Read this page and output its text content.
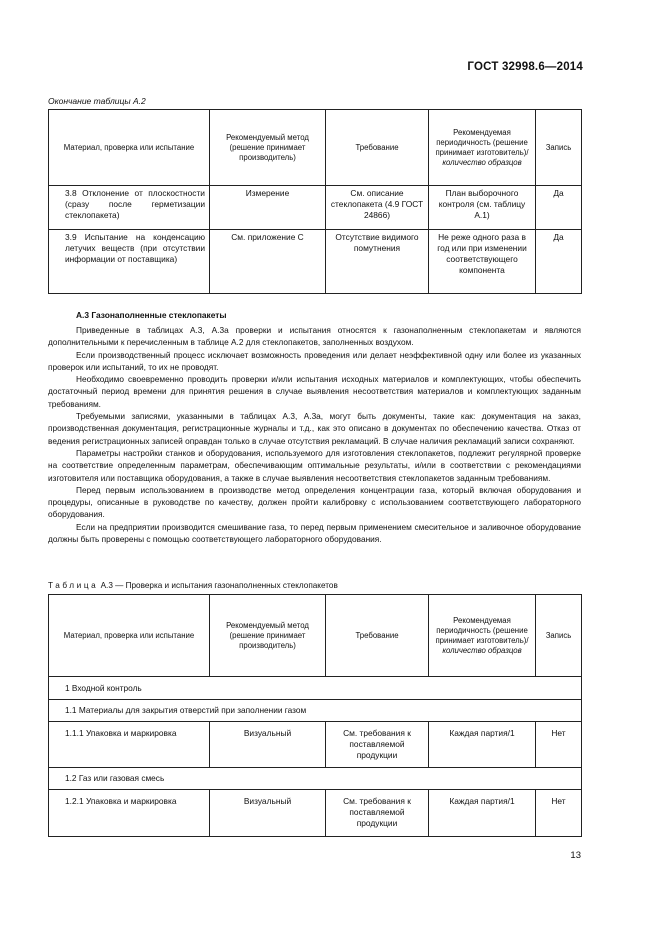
ГОСТ 32998.6—2014
Окончание таблицы А.2
Материал, проверка или испытание	Рекомендуемый метод (решение принимает производитель)	Требование	Рекомендуемая периодичность (решение принимает изготовитель)/ количество образцов	Запись
3.8 Отклонение от плоскостности (сразу после герметизации стеклопакета)	Измерение	См. описание стеклопакета (4.9 ГОСТ 24866)	План выборочного контроля (см. таблицу А.1)	Да
3.9 Испытание на конденсацию летучих веществ (при отсутствии информации от поставщика)	См. приложение С	Отсутствие видимого помутнения	Не реже одного раза в год или при изменении соответствующего компонента	Да
А.3 Газонаполненные стеклопакеты

Приведенные в таблицах А.3, А.3а проверки и испытания относятся к газонаполненным стеклопакетам и являются дополнительными к перечисленным в таблице А.2 для стеклопакетов, заполненных воздухом.

Если производственный процесс исключает возможность проведения или делает неэффективной одну или более из указанных проверок или испытаний, то их не проводят.

Необходимо своевременно проводить проверки и/или испытания исходных материалов и комплектующих, чтобы обеспечить достаточный период времени для принятия решения в случае выявления несоответствия материалов и комплектующих заданным требованиям.

Требуемыми записями, указанными в таблицах А.3, А.3а, могут быть документы, такие как: документация на заказ, производственная документация, регистрационные журналы и т.д., как это описано в документах по обеспечению качества. Отказ от ведения регистрационных записей оправдан только в случае отсутствия рекламаций. В случае наличия рекламаций записи сохраняют.

Параметры настройки станков и оборудования, используемого для изготовления стеклопакетов, подлежит регулярной проверке на соответствие определенным параметрам, обеспечивающим оптимальные результаты, и/или в соответствии с рекомендациями изготовителя или поставщика оборудования, а также в случае выявления несоответствия стеклопакетов заданным требованиям.

Перед первым использованием в производстве метод определения концентрации газа, который включая оборудования и процедуры, описанные в руководстве по качеству, должен пройти калибровку с использованием соответствующего лабораторного оборудования.

Если на предприятии производится смешивание газа, то перед первым применением смесительное и заливочное оборудование должны быть проверены с помощью соответствующего лабораторного оборудования.

Таблица А.3 — Проверка и испытания газонаполненных стеклопакетов
Материал, проверка или испытание	Рекомендуемый метод (решение принимает производитель)	Требование	Рекомендуемая периодичность (решение принимает изготовитель)/ количество образцов	Запись
1 Входной контроль				
1.1 Материалы для закрытия отверстий при заполнении газом				
1.1.1 Упаковка и маркировка	Визуальный	См. требования к поставляемой продукции	Каждая партия/1	Нет
1.2 Газ или газовая смесь				
1.2.1 Упаковка и маркировка	Визуальный	См. требования к поставляемой продукции	Каждая партия/1	Нет
13
